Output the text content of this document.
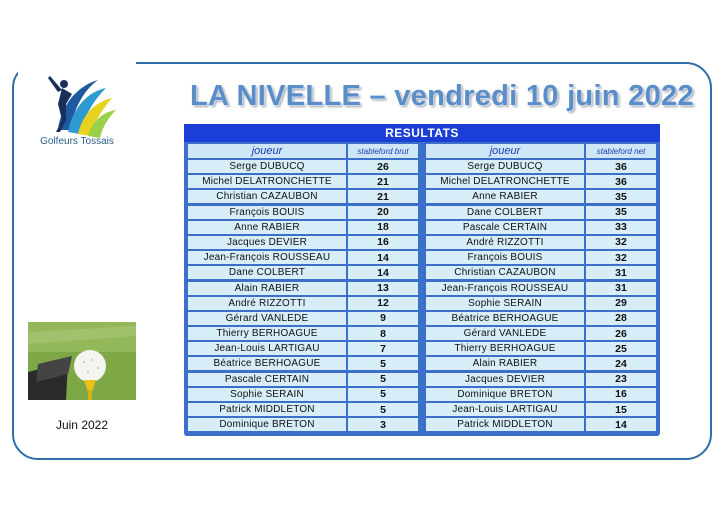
Golfeurs Tossais
LA NIVELLE – vendredi 10 juin 2022
Juin 2022
RESULTATS
joueur	stableford brut
Serge DUBUCQ	26
Michel DELATRONCHETTE	21
Christian CAZAUBON	21
François BOUIS	20
Anne RABIER	18
Jacques DEVIER	16
Jean-François ROUSSEAU	14
Dane COLBERT	14
Alain RABIER	13
André RIZZOTTI	12
Gérard VANLEDE	9
Thierry BERHOAGUE	8
Jean-Louis LARTIGAU	7
Béatrice BERHOAGUE	5
Pascale CERTAIN	5
Sophie SERAIN	5
Patrick MIDDLETON	5
Dominique BRETON	3
joueur	stableford net
Serge DUBUCQ	36
Michel DELATRONCHETTE	36
Anne RABIER	35
Dane COLBERT	35
Pascale CERTAIN	33
André RIZZOTTI	32
François BOUIS	32
Christian CAZAUBON	31
Jean-François ROUSSEAU	31
Sophie SERAIN	29
Béatrice BERHOAGUE	28
Gérard VANLEDE	26
Thierry BERHOAGUE	25
Alain RABIER	24
Jacques DEVIER	23
Dominique BRETON	16
Jean-Louis LARTIGAU	15
Patrick MIDDLETON	14
